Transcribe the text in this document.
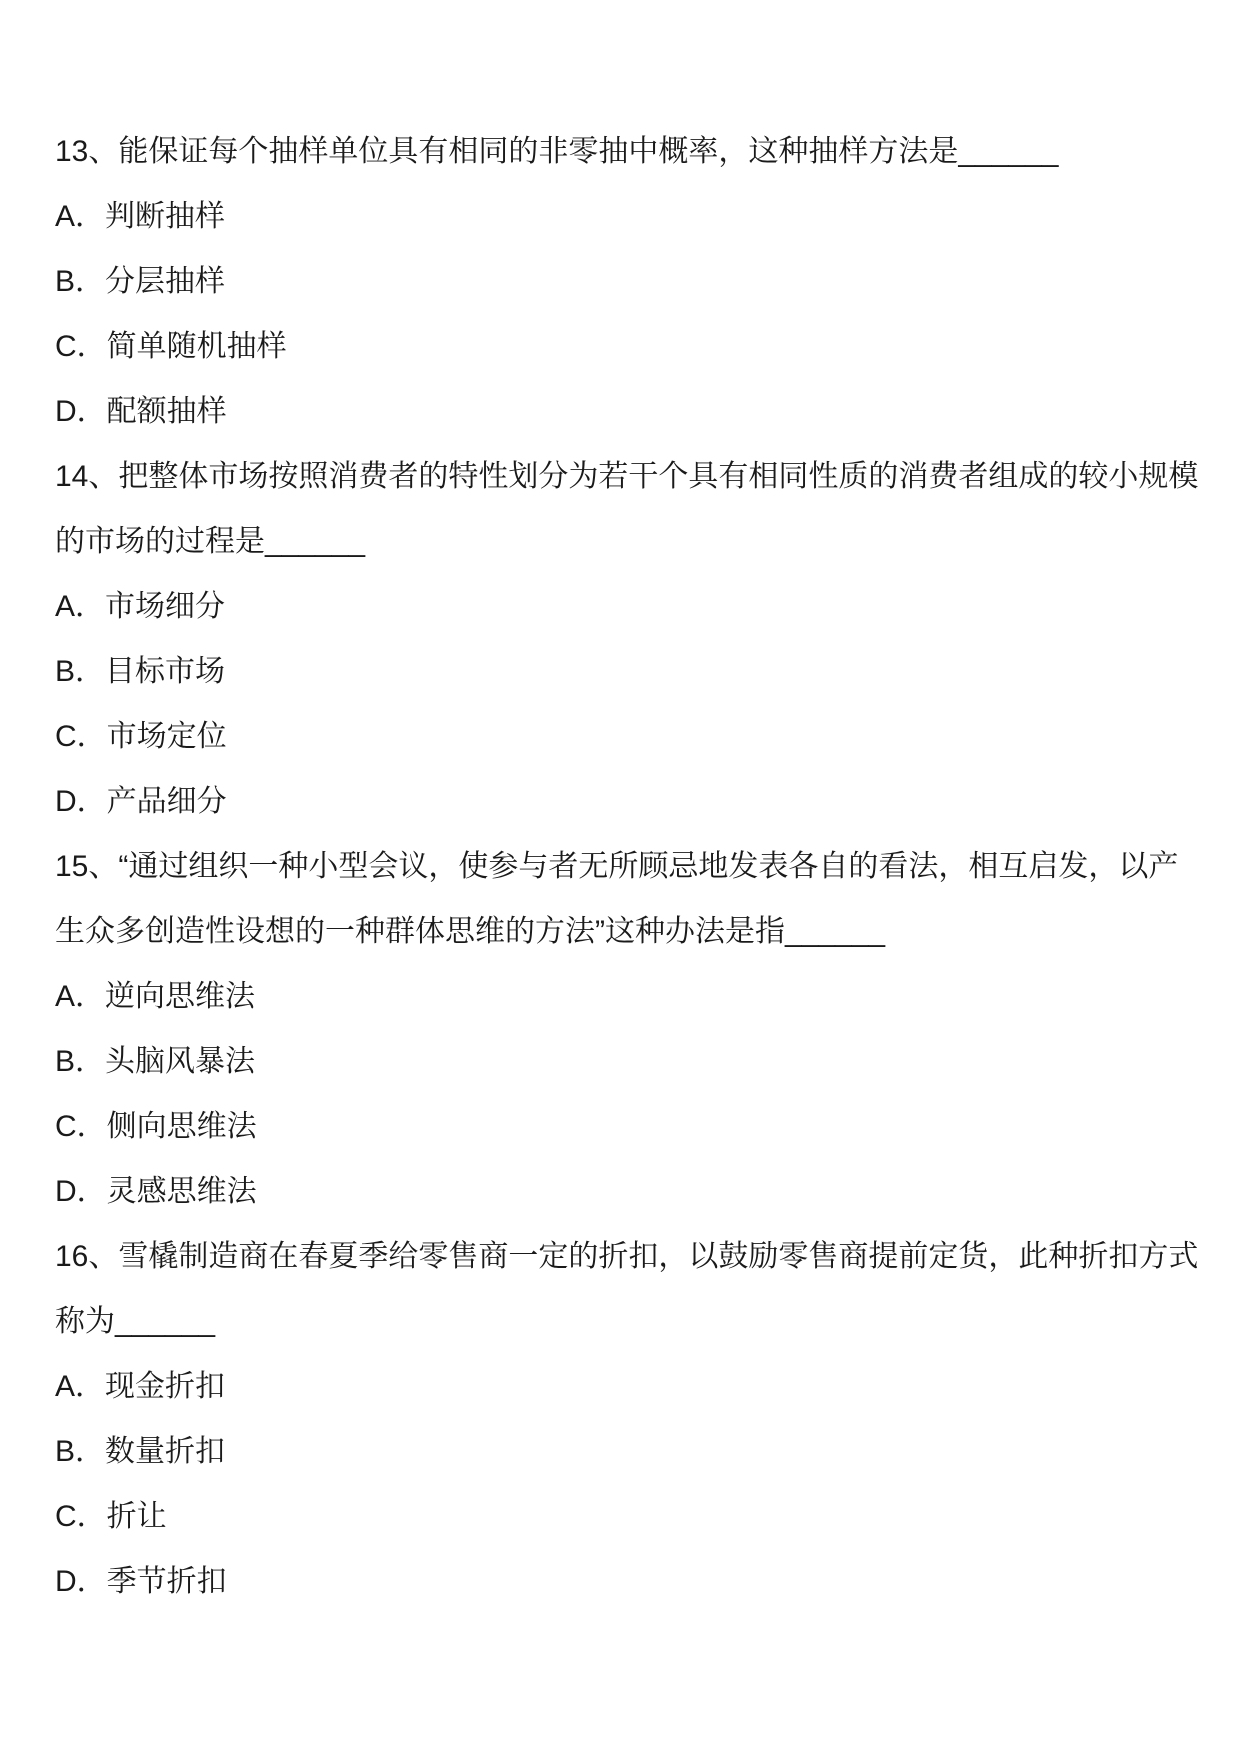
13、能保证每个抽样单位具有相同的非零抽中概率，这种抽样方法是______

A．判断抽样

B．分层抽样

C．简单随机抽样

D．配额抽样

14、把整体市场按照消费者的特性划分为若干个具有相同性质的消费者组成的较小规模

的市场的过程是______

A．市场细分

B．目标市场

C．市场定位

D．产品细分

15、“通过组织一种小型会议，使参与者无所顾忌地发表各自的看法，相互启发，以产

生众多创造性设想的一种群体思维的方法”这种办法是指______

A．逆向思维法

B．头脑风暴法

C．侧向思维法

D．灵感思维法

16、雪橇制造商在春夏季给零售商一定的折扣，以鼓励零售商提前定货，此种折扣方式

称为______

A．现金折扣

B．数量折扣

C．折让

D．季节折扣
